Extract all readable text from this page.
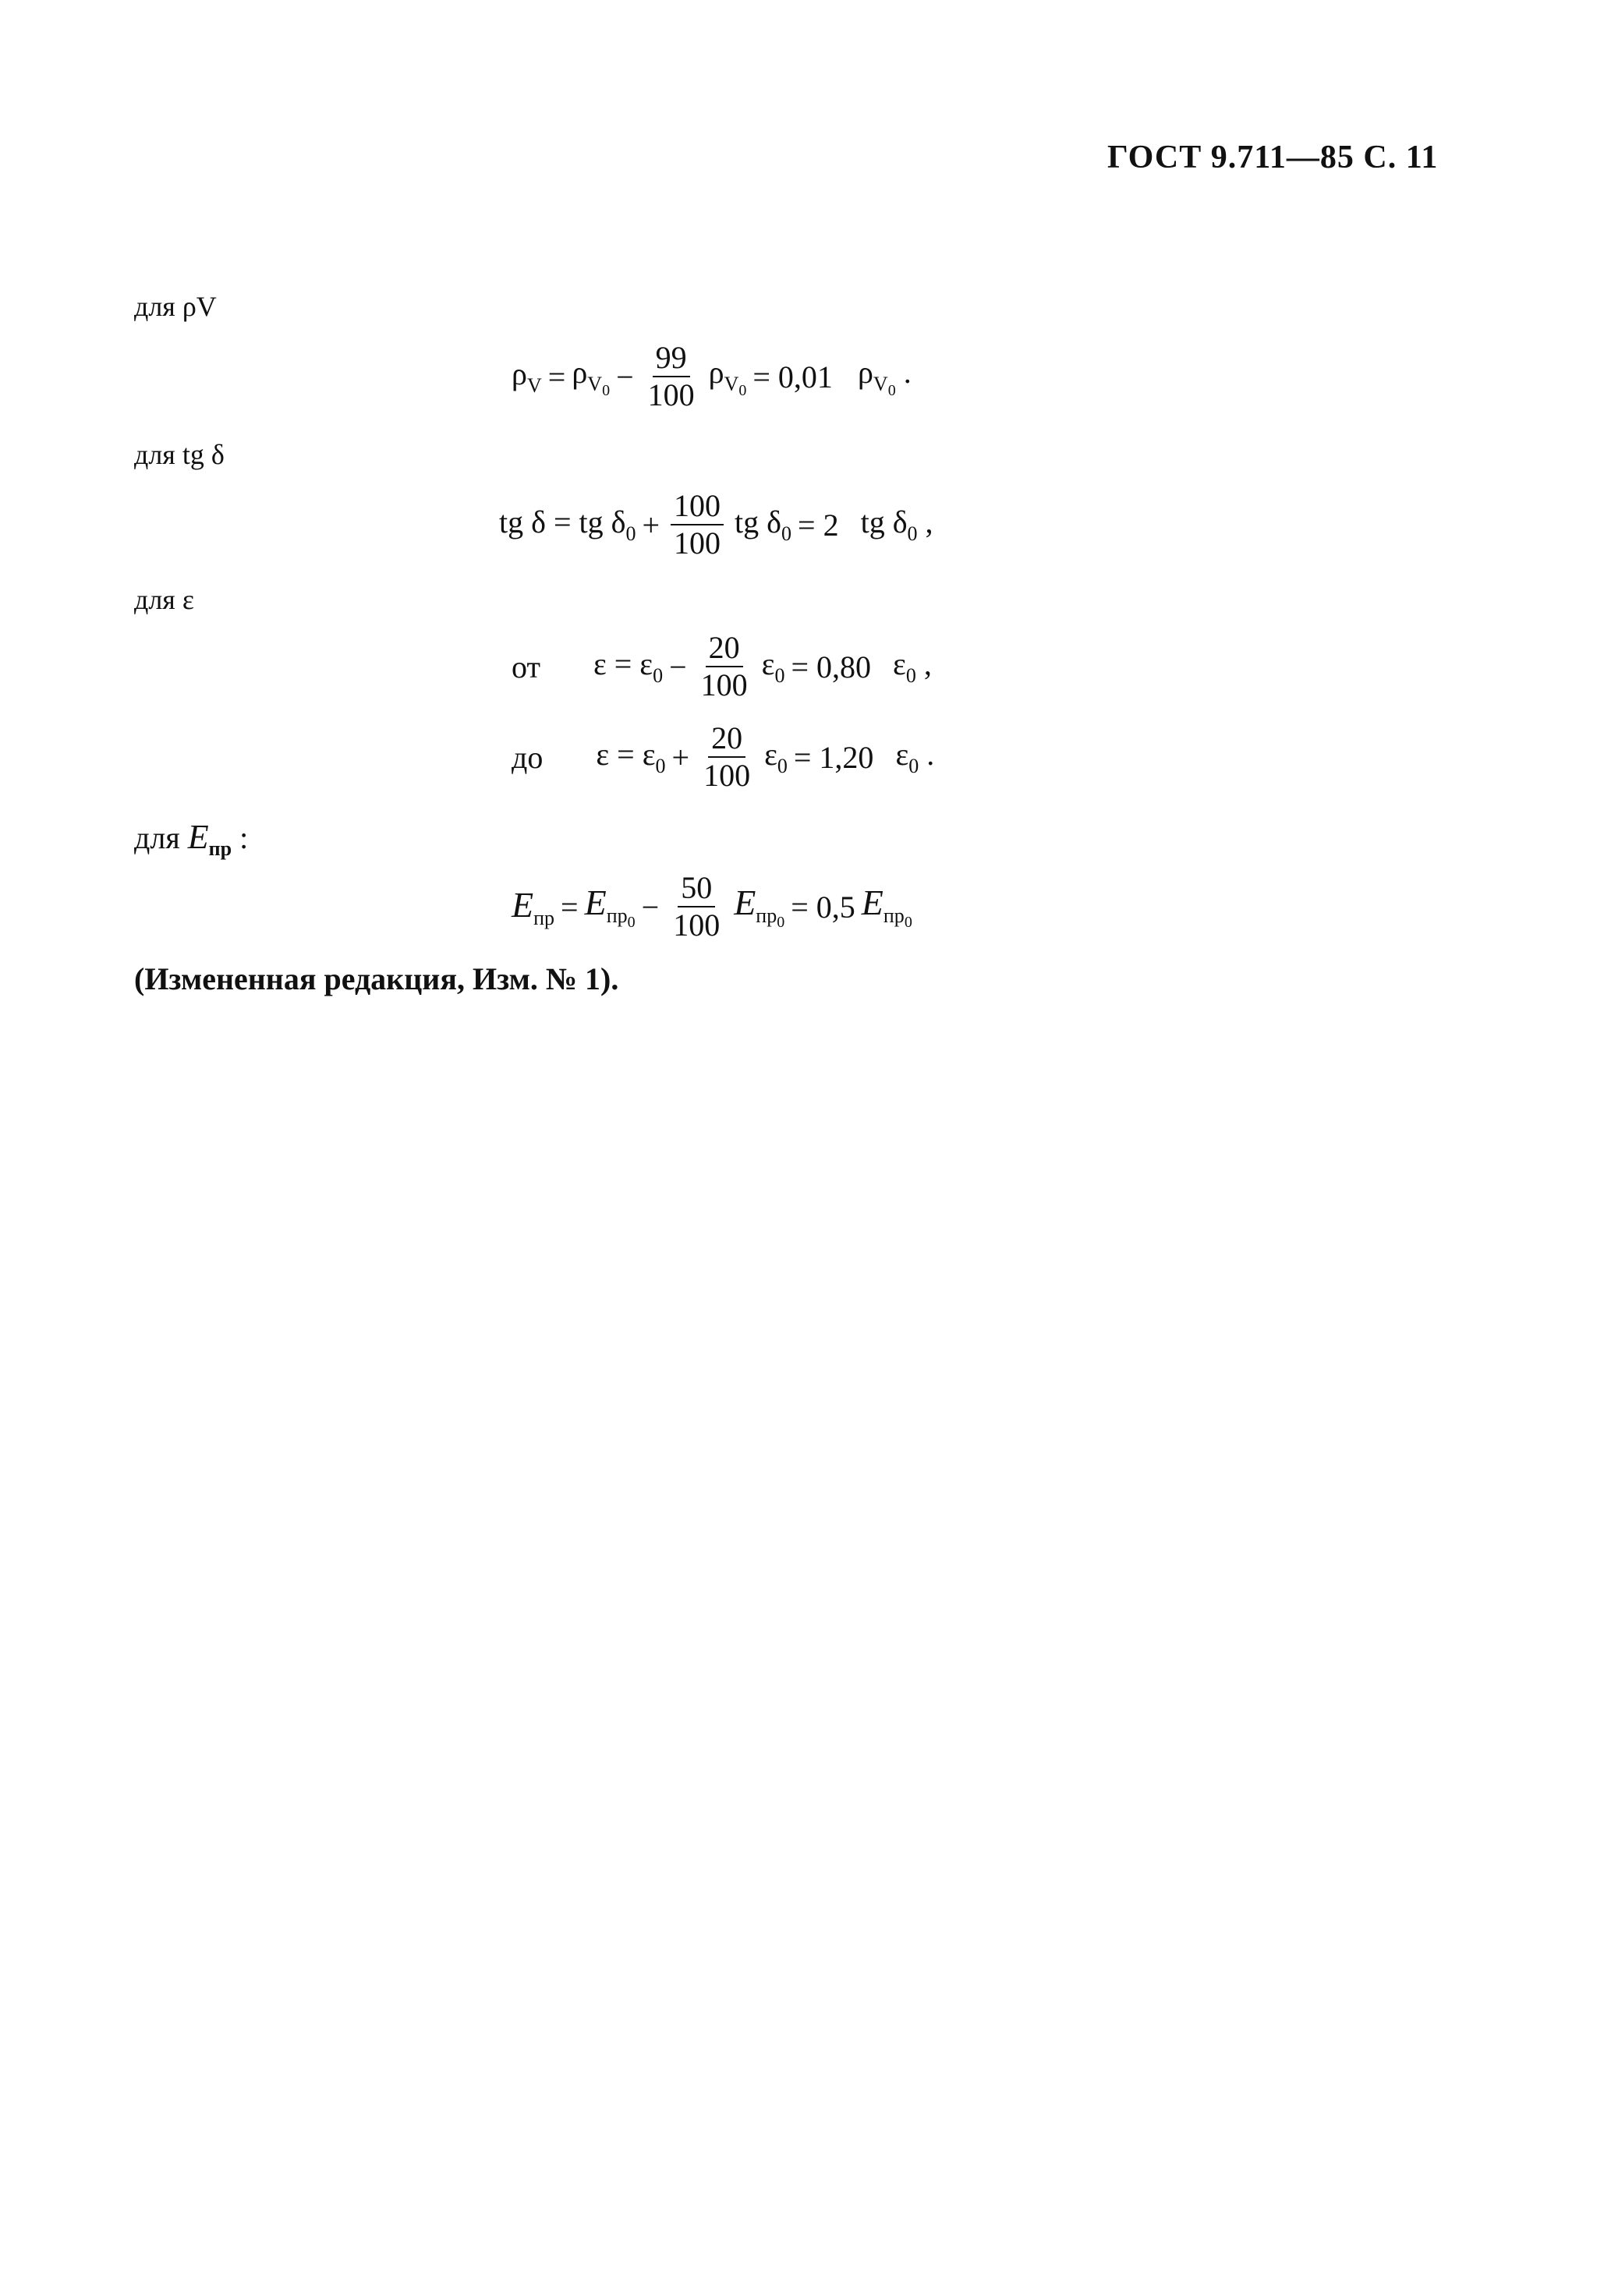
ГОСТ 9.711—85 С. 11
для ρV
$\rho_V = \rho_{V_0} - \frac{99}{100} \rho_{V_0} = 0,01$ $\rho_{V_0}$ .
для tg δ
tg δ = tg $\delta_0 + \frac{100}{100}$ tg $\delta_0 = 2$ tg $\delta_0$ ,
для ε
от $\varepsilon = \varepsilon_0 - \frac{20}{100} \varepsilon_0 = 0,80$ $\varepsilon_0$ ,
до $\varepsilon = \varepsilon_0 + \frac{20}{100} \varepsilon_0 = 1,20$ $\varepsilon_0$ .
для $E_{пр}$ :
$E_{пр} = E_{пр_0} - \frac{50}{100} E_{пр_0} = 0,5$ $E_{пр_0}$
(Измененная редакция, Изм. № 1).
